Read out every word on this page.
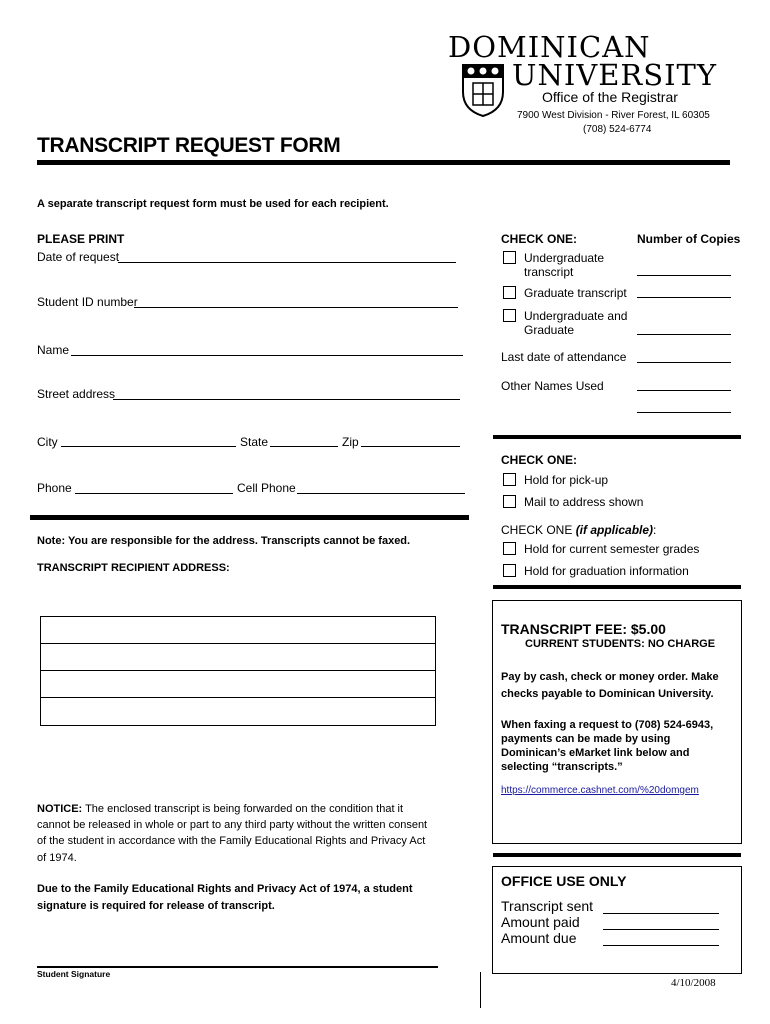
DOMINICAN
UNIVERSITY
Office of the Registrar
7900 West Division - River Forest, IL 60305
(708) 524-6774
TRANSCRIPT REQUEST FORM
A separate transcript request form must be used for each recipient.
PLEASE PRINT
Date of request
Student ID number
Name
Street address
City	State	Zip
Phone	Cell Phone
Note: You are responsible for the address. Transcripts cannot be faxed.
TRANSCRIPT RECIPIENT ADDRESS:
NOTICE: The enclosed transcript is being forwarded on the condition that it cannot be released in whole or part to any third party without the written consent of the student in accordance with the Family Educational Rights and Privacy Act of 1974.
Due to the Family Educational Rights and Privacy Act of 1974, a student signature is required for release of transcript.
Student Signature
CHECK ONE:	Number of Copies
Undergraduate transcript
Graduate transcript
Undergraduate and Graduate
Last date of attendance
Other Names Used
CHECK ONE:
Hold for pick-up
Mail to address shown
CHECK ONE (if applicable):
Hold for current semester grades
Hold for graduation information
TRANSCRIPT FEE: $5.00
CURRENT STUDENTS: NO CHARGE
Pay by cash, check or money order. Make checks payable to Dominican University.
When faxing a request to (708) 524-6943, payments can be made by using Dominican’s eMarket link below and selecting “transcripts.”
https://commerce.cashnet.com/%20domgem
OFFICE USE ONLY
Transcript sent
Amount paid
Amount due
4/10/2008
